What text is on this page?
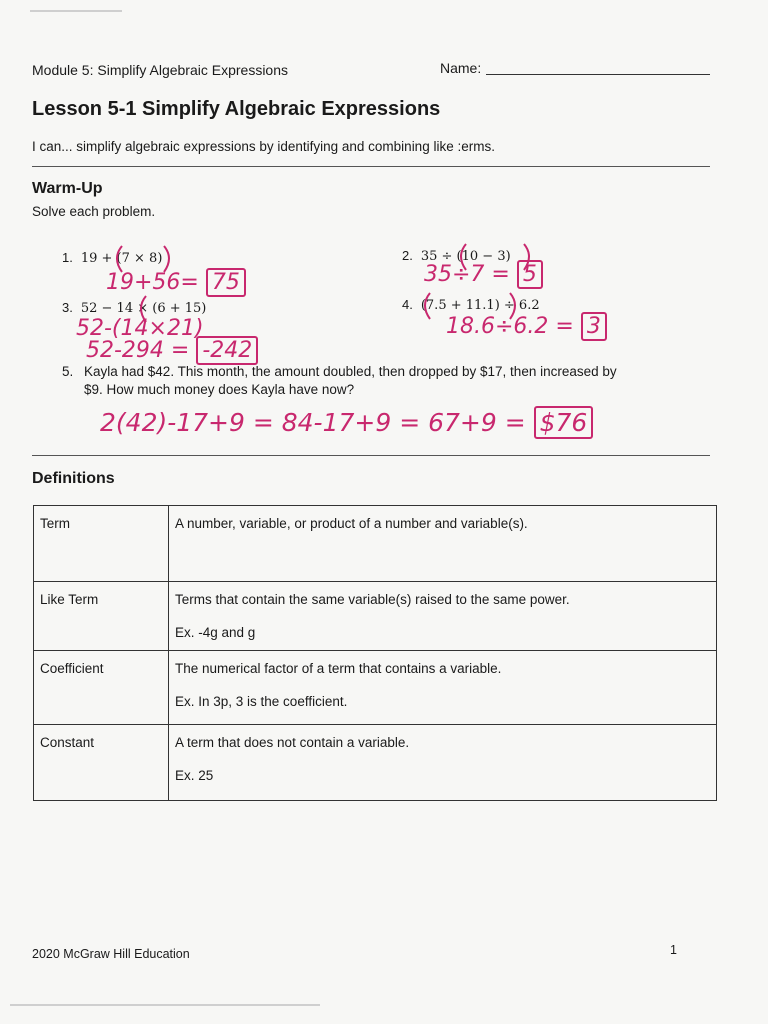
Module 5: Simplify Algebraic Expressions	Name:
Lesson 5-1 Simplify Algebraic Expressions
I can... simplify algebraic expressions by identifying and combining like :erms.
Warm-Up
Solve each problem.
1. 19 + (7 × 8)	2. 35 ÷ (10 − 3)
3. 52 − 14 × (6 + 15)	4. (7.5 + 11.1) ÷ 6.2
19+56= 75	35÷7 = 5
52-(14×21)
52-294 = -242
18.6÷6.2 = 3
5. Kayla had $42. This month, the amount doubled, then dropped by $17, then increased by
$9. How much money does Kayla have now?
2(42)-17+9 = 84-17+9 = 67+9 = $76
Definitions
Term	A number, variable, or product of a number and variable(s).

Like Term	Terms that contain the same variable(s) raised to the same power.
Ex. -4g and g

Coefficient	The numerical factor of a term that contains a variable.
Ex. In 3p, 3 is the coefficient.

Constant	A term that does not contain a variable.
Ex. 25
2020 McGraw Hill Education	1
